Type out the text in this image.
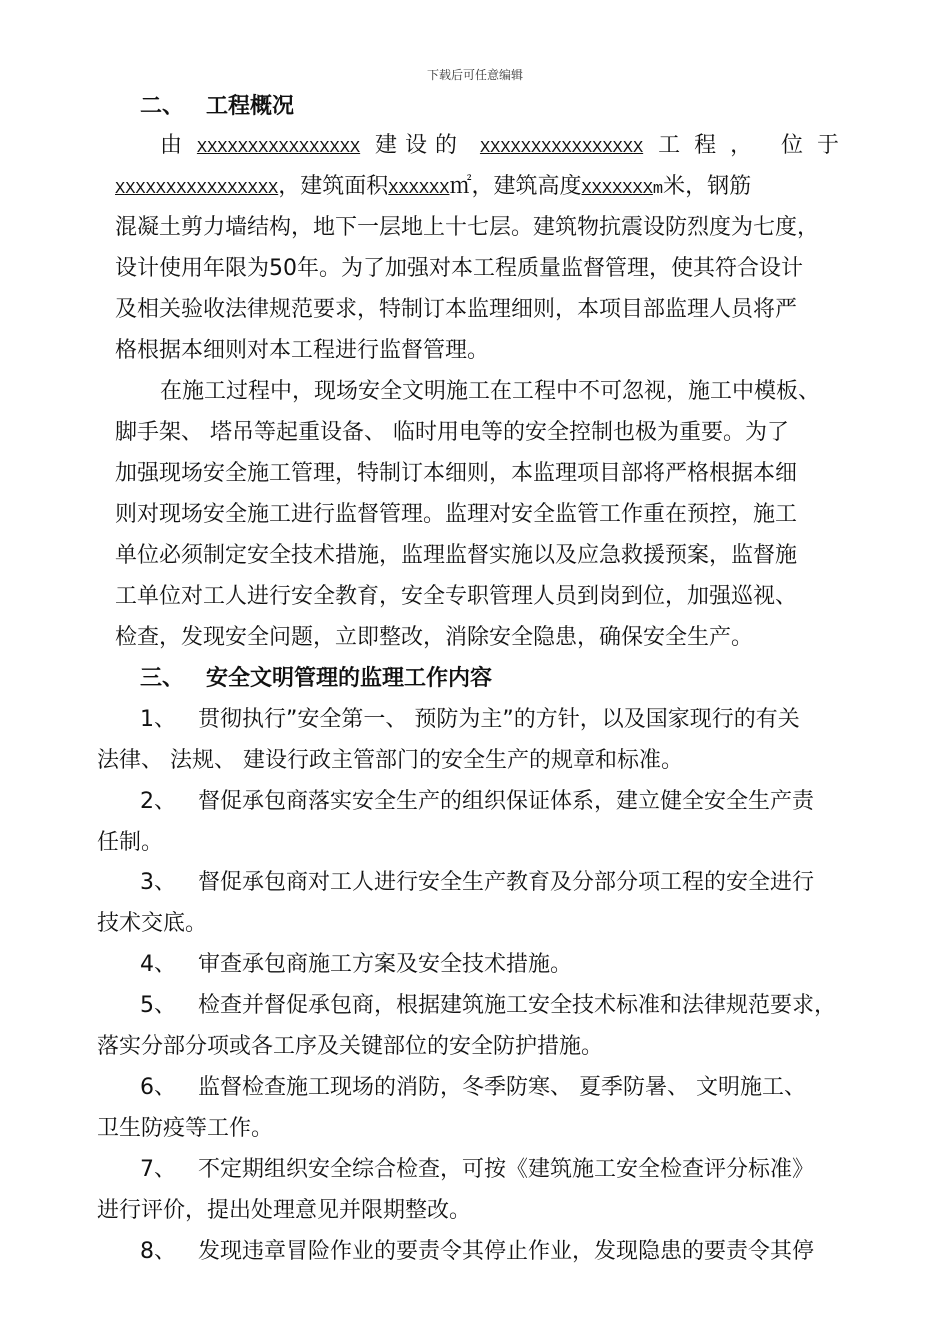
下载后可任意编辑
二、 工程概况
由 XXXXXXXXXXXXXXXX 建设的 XXXXXXXXXXXXXXXX 工程， 位于
XXXXXXXXXXXXXXXX，建筑面积XXXXXX㎡，建筑高度XXXXXXXm米，钢筋
混凝土剪力墙结构，地下一层地上十七层。建筑物抗震设防烈度为七度，
设计使用年限为50年。为了加强对本工程质量监督管理，使其符合设计
及相关验收法律规范要求，特制订本监理细则，本项目部监理人员将严
格根据本细则对本工程进行监督管理。
在施工过程中，现场安全文明施工在工程中不可忽视，施工中模板、
脚手架、 塔吊等起重设备、 临时用电等的安全控制也极为重要。为了
加强现场安全施工管理，特制订本细则，本监理项目部将严格根据本细
则对现场安全施工进行监督管理。监理对安全监管工作重在预控，施工
单位必须制定安全技术措施，监理监督实施以及应急救援预案，监督施
工单位对工人进行安全教育，安全专职管理人员到岗到位，加强巡视、
检查，发现安全问题，立即整改，消除安全隐患，确保安全生产。
三、 安全文明管理的监理工作内容
1、 贯彻执行”安全第一、 预防为主”的方针，以及国家现行的有关
法律、 法规、 建设行政主管部门的安全生产的规章和标准。
2、 督促承包商落实安全生产的组织保证体系，建立健全安全生产责
任制。
3、 督促承包商对工人进行安全生产教育及分部分项工程的安全进行
技术交底。
4、 审查承包商施工方案及安全技术措施。
5、 检查并督促承包商，根据建筑施工安全技术标准和法律规范要求，
落实分部分项或各工序及关键部位的安全防护措施。
6、 监督检查施工现场的消防，冬季防寒、 夏季防暑、 文明施工、
卫生防疫等工作。
7、 不定期组织安全综合检查，可按《建筑施工安全检查评分标准》
进行评价，提出处理意见并限期整改。
8、 发现违章冒险作业的要责令其停止作业，发现隐患的要责令其停
